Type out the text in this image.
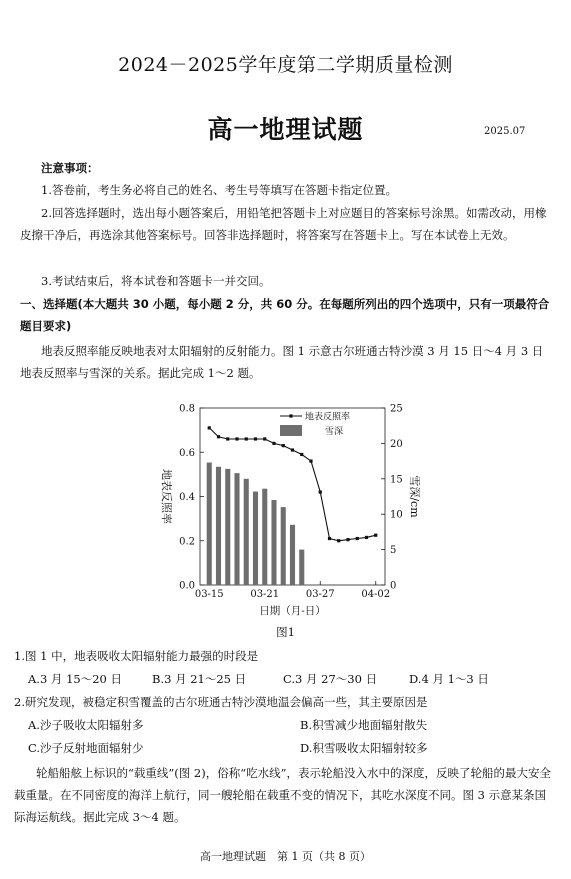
2024－2025学年度第二学期质量检测
高一地理试题	2025.07
注意事项：
1.答卷前，考生务必将自己的姓名、考生号等填写在答题卡指定位置。
2.回答选择题时，选出每小题答案后，用铅笔把答题卡上对应题目的答案标号涂黑。如需改动，用橡皮擦干净后，再选涂其他答案标号。回答非选择题时，将答案写在答题卡上。写在本试卷上无效。
3.考试结束后，将本试卷和答题卡一并交回。
一、选择题(本大题共 30 小题，每小题 2 分，共 60 分。在每题所列出的四个选项中，只有一项最符合题目要求)
地表反照率能反映地表对太阳辐射的反射能力。图 1 示意古尔班通古特沙漠 3 月 15 日～4 月 3 日地表反照率与雪深的关系。据此完成 1～2 题。
0.0
0.2
0.4
0.6
0.8
0
5
10
15
20
25
03-15	03-21	03-27	04-02
地表反照率
雪深
地表反照率	雪深/cm
日期（月-日）
图1
1.图 1 中，地表吸收太阳辐射能力最强的时段是
A.3 月 15～20 日	B.3 月 21～25 日	C.3 月 27～30 日	D.4 月 1～3 日
2.研究发现，被稳定积雪覆盖的古尔班通古特沙漠地温会偏高一些，其主要原因是
A.沙子吸收太阳辐射多	B.积雪减少地面辐射散失
C.沙子反射地面辐射少	D.积雪吸收太阳辐射较多
轮船船舷上标识的“载重线”(图 2)，俗称“吃水线”，表示轮船没入水中的深度，反映了轮船的最大安全载重量。在不同密度的海洋上航行，同一艘轮船在载重不变的情况下，其吃水深度不同。图 3 示意某条国际海运航线。据此完成 3～4 题。
高一地理试题　第 1 页（共 8 页）
